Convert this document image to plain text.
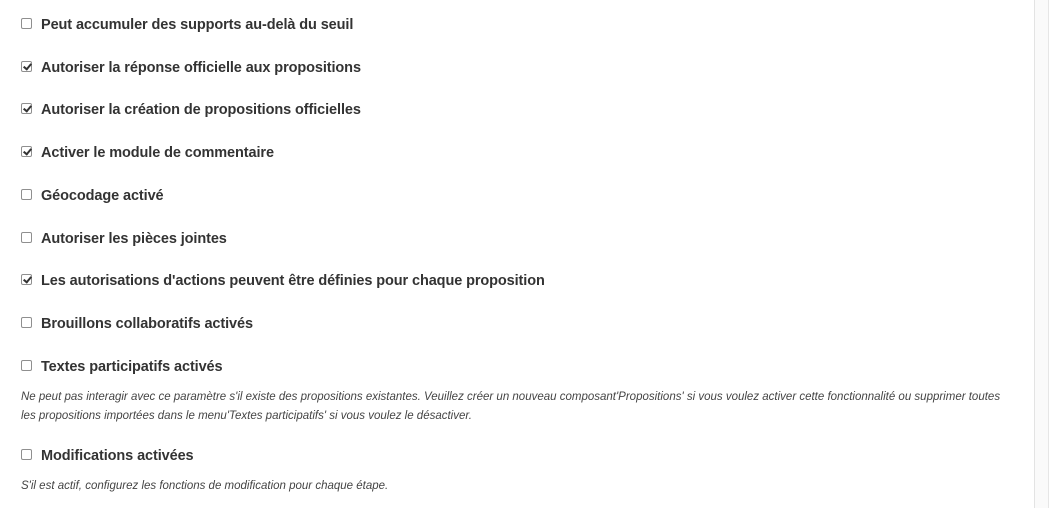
Peut accumuler des supports au-delà du seuil
Autoriser la réponse officielle aux propositions
Autoriser la création de propositions officielles
Activer le module de commentaire
Géocodage activé
Autoriser les pièces jointes
Les autorisations d'actions peuvent être définies pour chaque proposition
Brouillons collaboratifs activés
Textes participatifs activés

Ne peut pas interagir avec ce paramètre s'il existe des propositions existantes. Veuillez créer un nouveau composant'Propositions' si vous voulez activer cette fonctionnalité ou supprimer toutes les propositions importées dans le menu'Textes participatifs' si vous voulez le désactiver.

Modifications activées

S'il est actif, configurez les fonctions de modification pour chaque étape.
